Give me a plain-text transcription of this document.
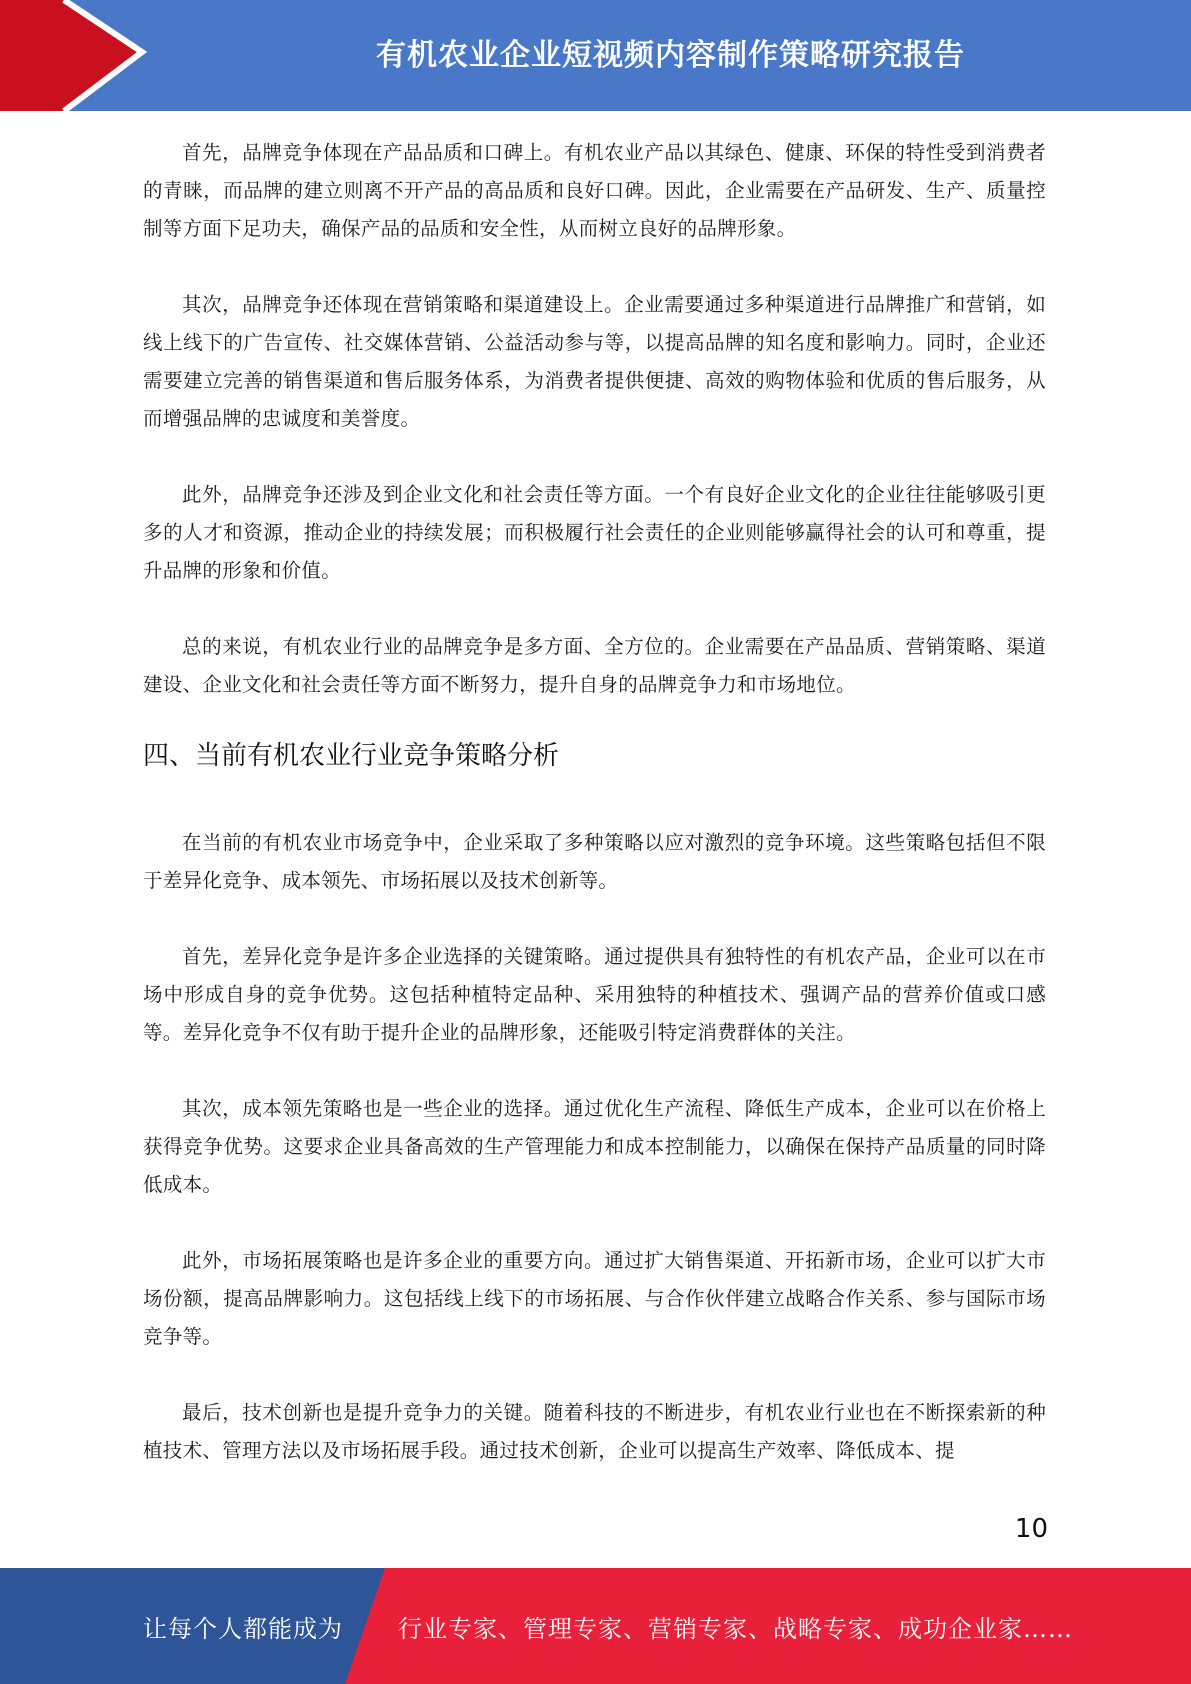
有机农业企业短视频内容制作策略研究报告

首先，品牌竞争体现在产品品质和口碑上。有机农业产品以其绿色、健康、环保的特性受到消费者的青睐，而品牌的建立则离不开产品的高品质和良好口碑。因此，企业需要在产品研发、生产、质量控制等方面下足功夫，确保产品的品质和安全性，从而树立良好的品牌形象。

其次，品牌竞争还体现在营销策略和渠道建设上。企业需要通过多种渠道进行品牌推广和营销，如线上线下的广告宣传、社交媒体营销、公益活动参与等，以提高品牌的知名度和影响力。同时，企业还需要建立完善的销售渠道和售后服务体系，为消费者提供便捷、高效的购物体验和优质的售后服务，从而增强品牌的忠诚度和美誉度。

此外，品牌竞争还涉及到企业文化和社会责任等方面。一个有良好企业文化的企业往往能够吸引更多的人才和资源，推动企业的持续发展；而积极履行社会责任的企业则能够赢得社会的认可和尊重，提升品牌的形象和价值。

总的来说，有机农业行业的品牌竞争是多方面、全方位的。企业需要在产品品质、营销策略、渠道建设、企业文化和社会责任等方面不断努力，提升自身的品牌竞争力和市场地位。

四、当前有机农业行业竞争策略分析

在当前的有机农业市场竞争中，企业采取了多种策略以应对激烈的竞争环境。这些策略包括但不限于差异化竞争、成本领先、市场拓展以及技术创新等。

首先，差异化竞争是许多企业选择的关键策略。通过提供具有独特性的有机农产品，企业可以在市场中形成自身的竞争优势。这包括种植特定品种、采用独特的种植技术、强调产品的营养价值或口感等。差异化竞争不仅有助于提升企业的品牌形象，还能吸引特定消费群体的关注。

其次，成本领先策略也是一些企业的选择。通过优化生产流程、降低生产成本，企业可以在价格上获得竞争优势。这要求企业具备高效的生产管理能力和成本控制能力，以确保在保持产品质量的同时降低成本。

此外，市场拓展策略也是许多企业的重要方向。通过扩大销售渠道、开拓新市场，企业可以扩大市场份额，提高品牌影响力。这包括线上线下的市场拓展、与合作伙伴建立战略合作关系、参与国际市场竞争等。

最后，技术创新也是提升竞争力的关键。随着科技的不断进步，有机农业行业也在不断探索新的种植技术、管理方法以及市场拓展手段。通过技术创新，企业可以提高生产效率、降低成本、提

10
让每个人都能成为 行业专家、管理专家、营销专家、战略专家、成功企业家……
